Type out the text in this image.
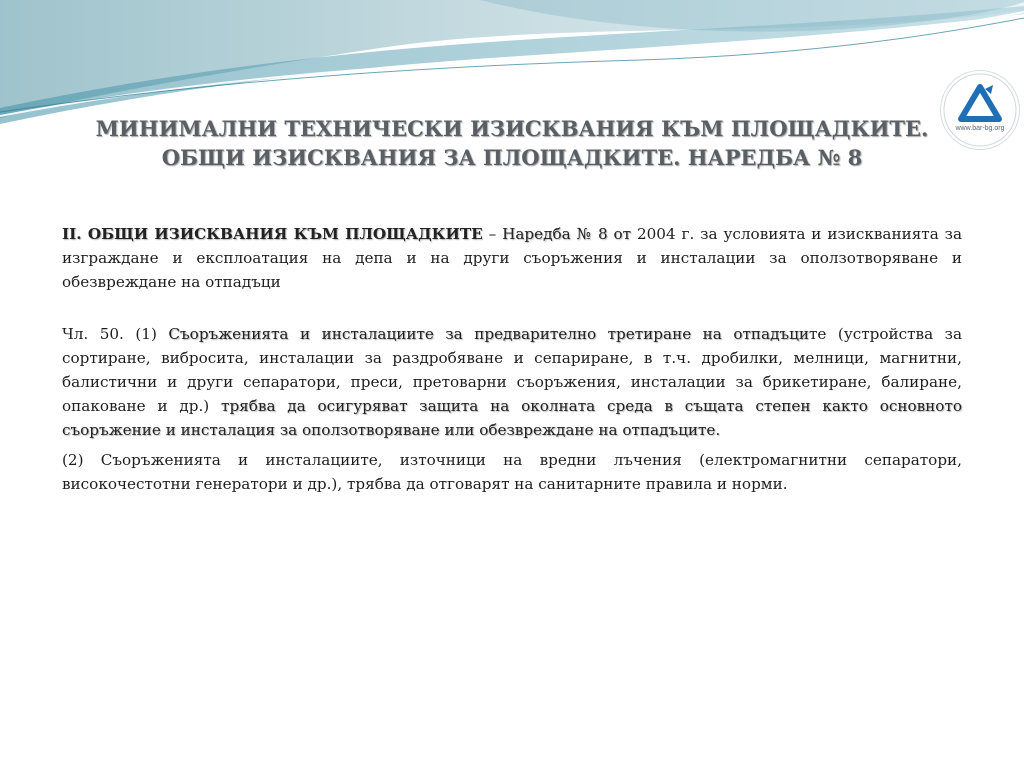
www.bar-bg.org
МИНИМАЛНИ ТЕХНИЧЕСКИ ИЗИСКВАНИЯ КЪМ ПЛОЩАДКИТЕ.
ОБЩИ ИЗИСКВАНИЯ ЗА ПЛОЩАДКИТЕ. НАРЕДБА № 8

II. ОБЩИ ИЗИСКВАНИЯ КЪМ ПЛОЩАДКИТЕ – Наредба № 8 от 2004 г. за условията и изискванията за изграждане и експлоатация на депа и на други съоръжения и инсталации за оползотворяване и обезвреждане на отпадъци

Чл. 50. (1) Съоръженията и инсталациите за предварително третиране на отпадъците (устройства за сортиране, вибросита, инсталации за раздробяване и сепариране, в т.ч. дробилки, мелници, магнитни, балистични и други сепаратори, преси, претоварни съоръжения, инсталации за брикетиране, балиране, опаковане и др.) трябва да осигуряват защита на околната среда в същата степен както основното съоръжение и инсталация за оползотворяване или обезвреждане на отпадъците.

(2) Съоръженията и инсталациите, източници на вредни лъчения (електромагнитни сепаратори, високочестотни генератори и др.), трябва да отговарят на санитарните правила и норми.
